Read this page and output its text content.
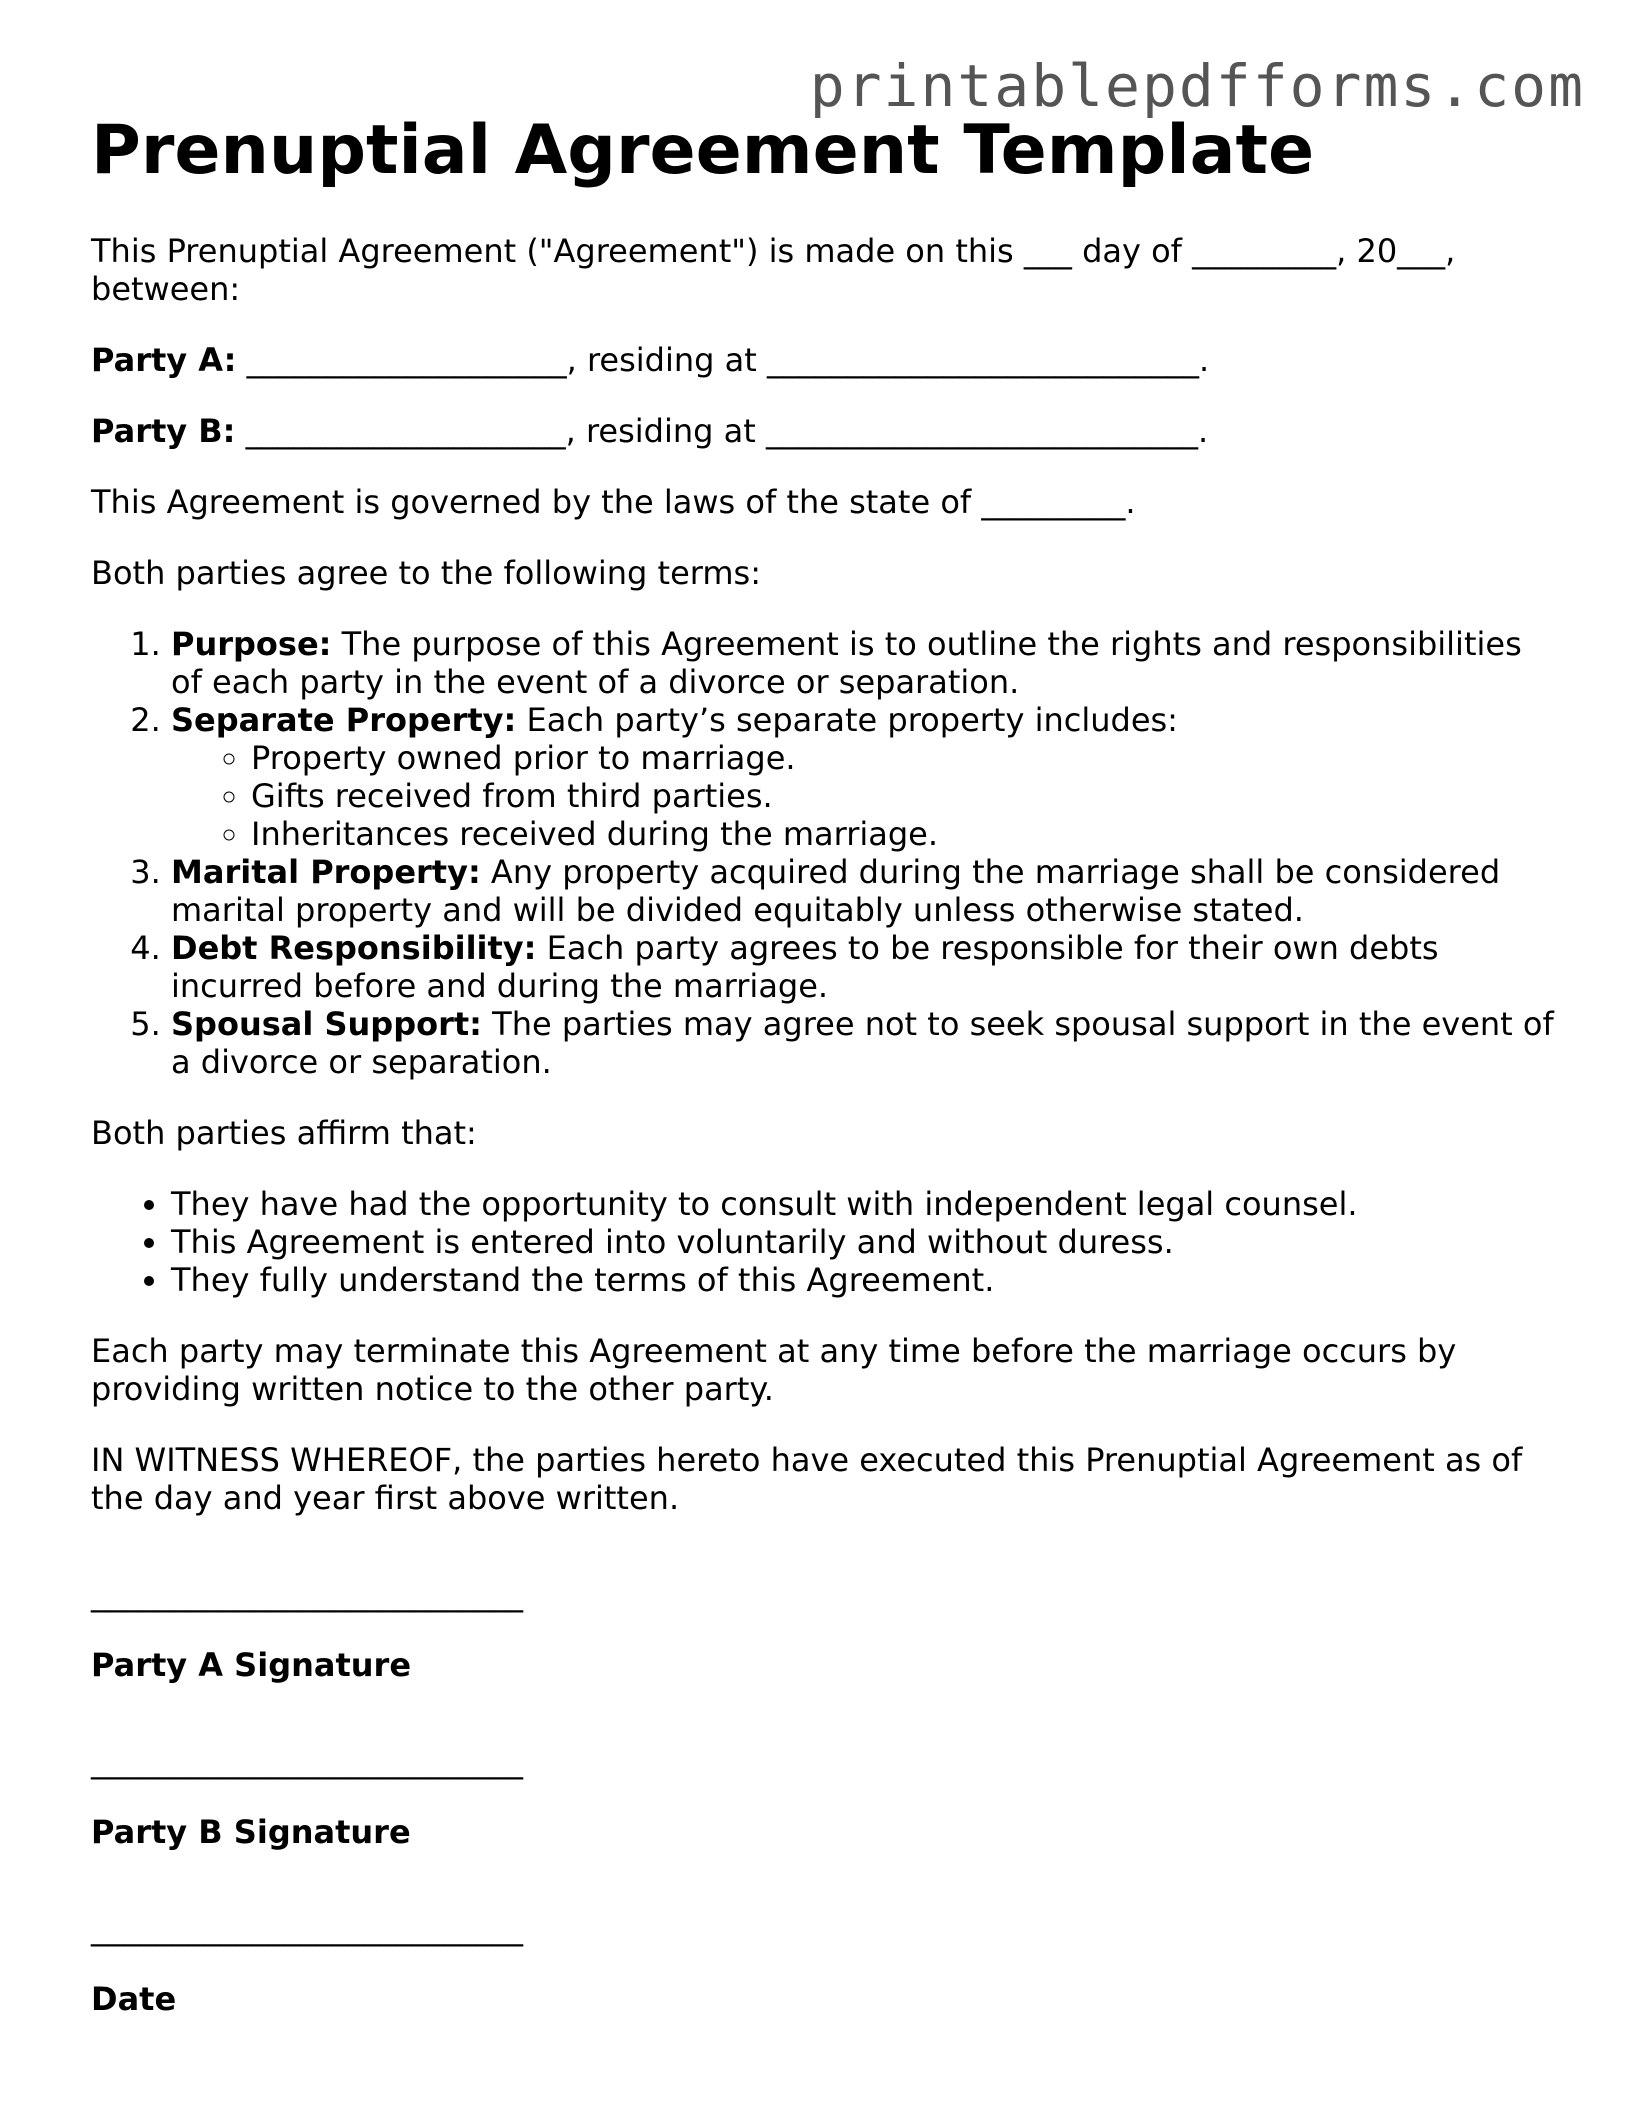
printablepdfforms.com
Prenuptial Agreement Template

This Prenuptial Agreement ("Agreement") is made on this ___ day of _________, 20___, between:

Party A: ____________________, residing at ___________________________.

Party B: ____________________, residing at ___________________________.

This Agreement is governed by the laws of the state of _________.

Both parties agree to the following terms:

1. Purpose: The purpose of this Agreement is to outline the rights and responsibilities of each party in the event of a divorce or separation.
2. Separate Property: Each party’s separate property includes:
◦ Property owned prior to marriage.
◦ Gifts received from third parties.
◦ Inheritances received during the marriage.
3. Marital Property: Any property acquired during the marriage shall be considered marital property and will be divided equitably unless otherwise stated.
4. Debt Responsibility: Each party agrees to be responsible for their own debts incurred before and during the marriage.
5. Spousal Support: The parties may agree not to seek spousal support in the event of a divorce or separation.

Both parties affirm that:

• They have had the opportunity to consult with independent legal counsel.
• This Agreement is entered into voluntarily and without duress.
• They fully understand the terms of this Agreement.

Each party may terminate this Agreement at any time before the marriage occurs by providing written notice to the other party.

IN WITNESS WHEREOF, the parties hereto have executed this Prenuptial Agreement as of the day and year first above written.

___________________________
Party A Signature
___________________________
Party B Signature
___________________________
Date
